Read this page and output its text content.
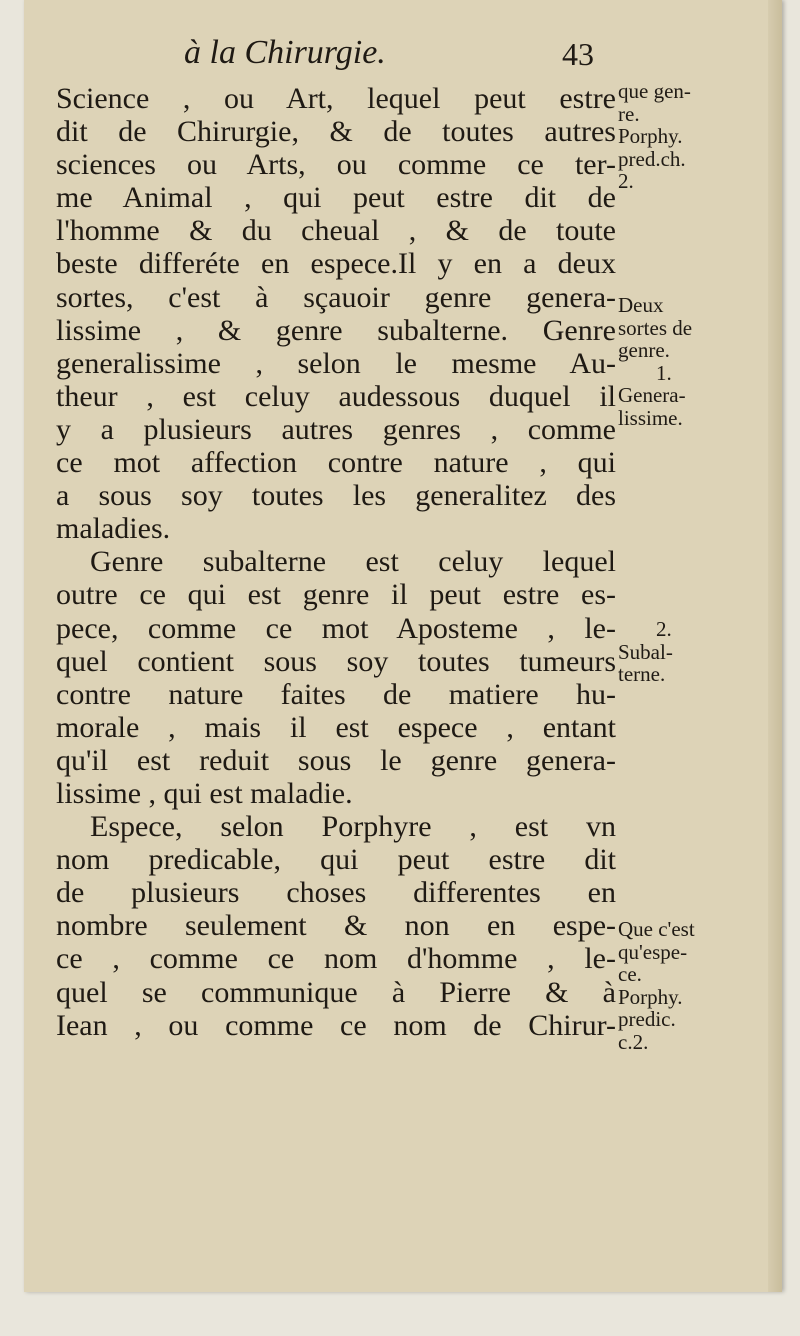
à la Chirurgie.	43
Science , ou Art, lequel peut estre
dit de Chirurgie, & de toutes autres
sciences ou Arts, ou comme ce ter-
me Animal , qui peut estre dit de
l'homme & du cheual , & de toute
beste differéte en espece.Il y en a deux
sortes, c'est à sçauoir genre genera-
lissime , & genre subalterne. Genre
generalissime , selon le mesme Au-
theur , est celuy audessous duquel il
y a plusieurs autres genres , comme
ce mot affection contre nature , qui
a sous soy toutes les generalitez des
maladies.
Genre subalterne est celuy lequel
outre ce qui est genre il peut estre es-
pece, comme ce mot Aposteme , le-
quel contient sous soy toutes tumeurs
contre nature faites de matiere hu-
morale , mais il est espece , entant
qu'il est reduit sous le genre genera-
lissime , qui est maladie.
Espece, selon Porphyre , est vn
nom predicable, qui peut estre dit
de plusieurs choses differentes en
nombre seulement & non en espe-
ce , comme ce nom d'homme , le-
quel se communique à Pierre & à
Iean , ou comme ce nom de Chirur-
que gen-
re.
Porphy.
pred.ch.
2.
Deux
sortes de
genre.
1.
Genera-
lissime.
2.
Subal-
terne.
Que c'est
qu'espe-
ce.
Porphy.
predic.
c.2.
